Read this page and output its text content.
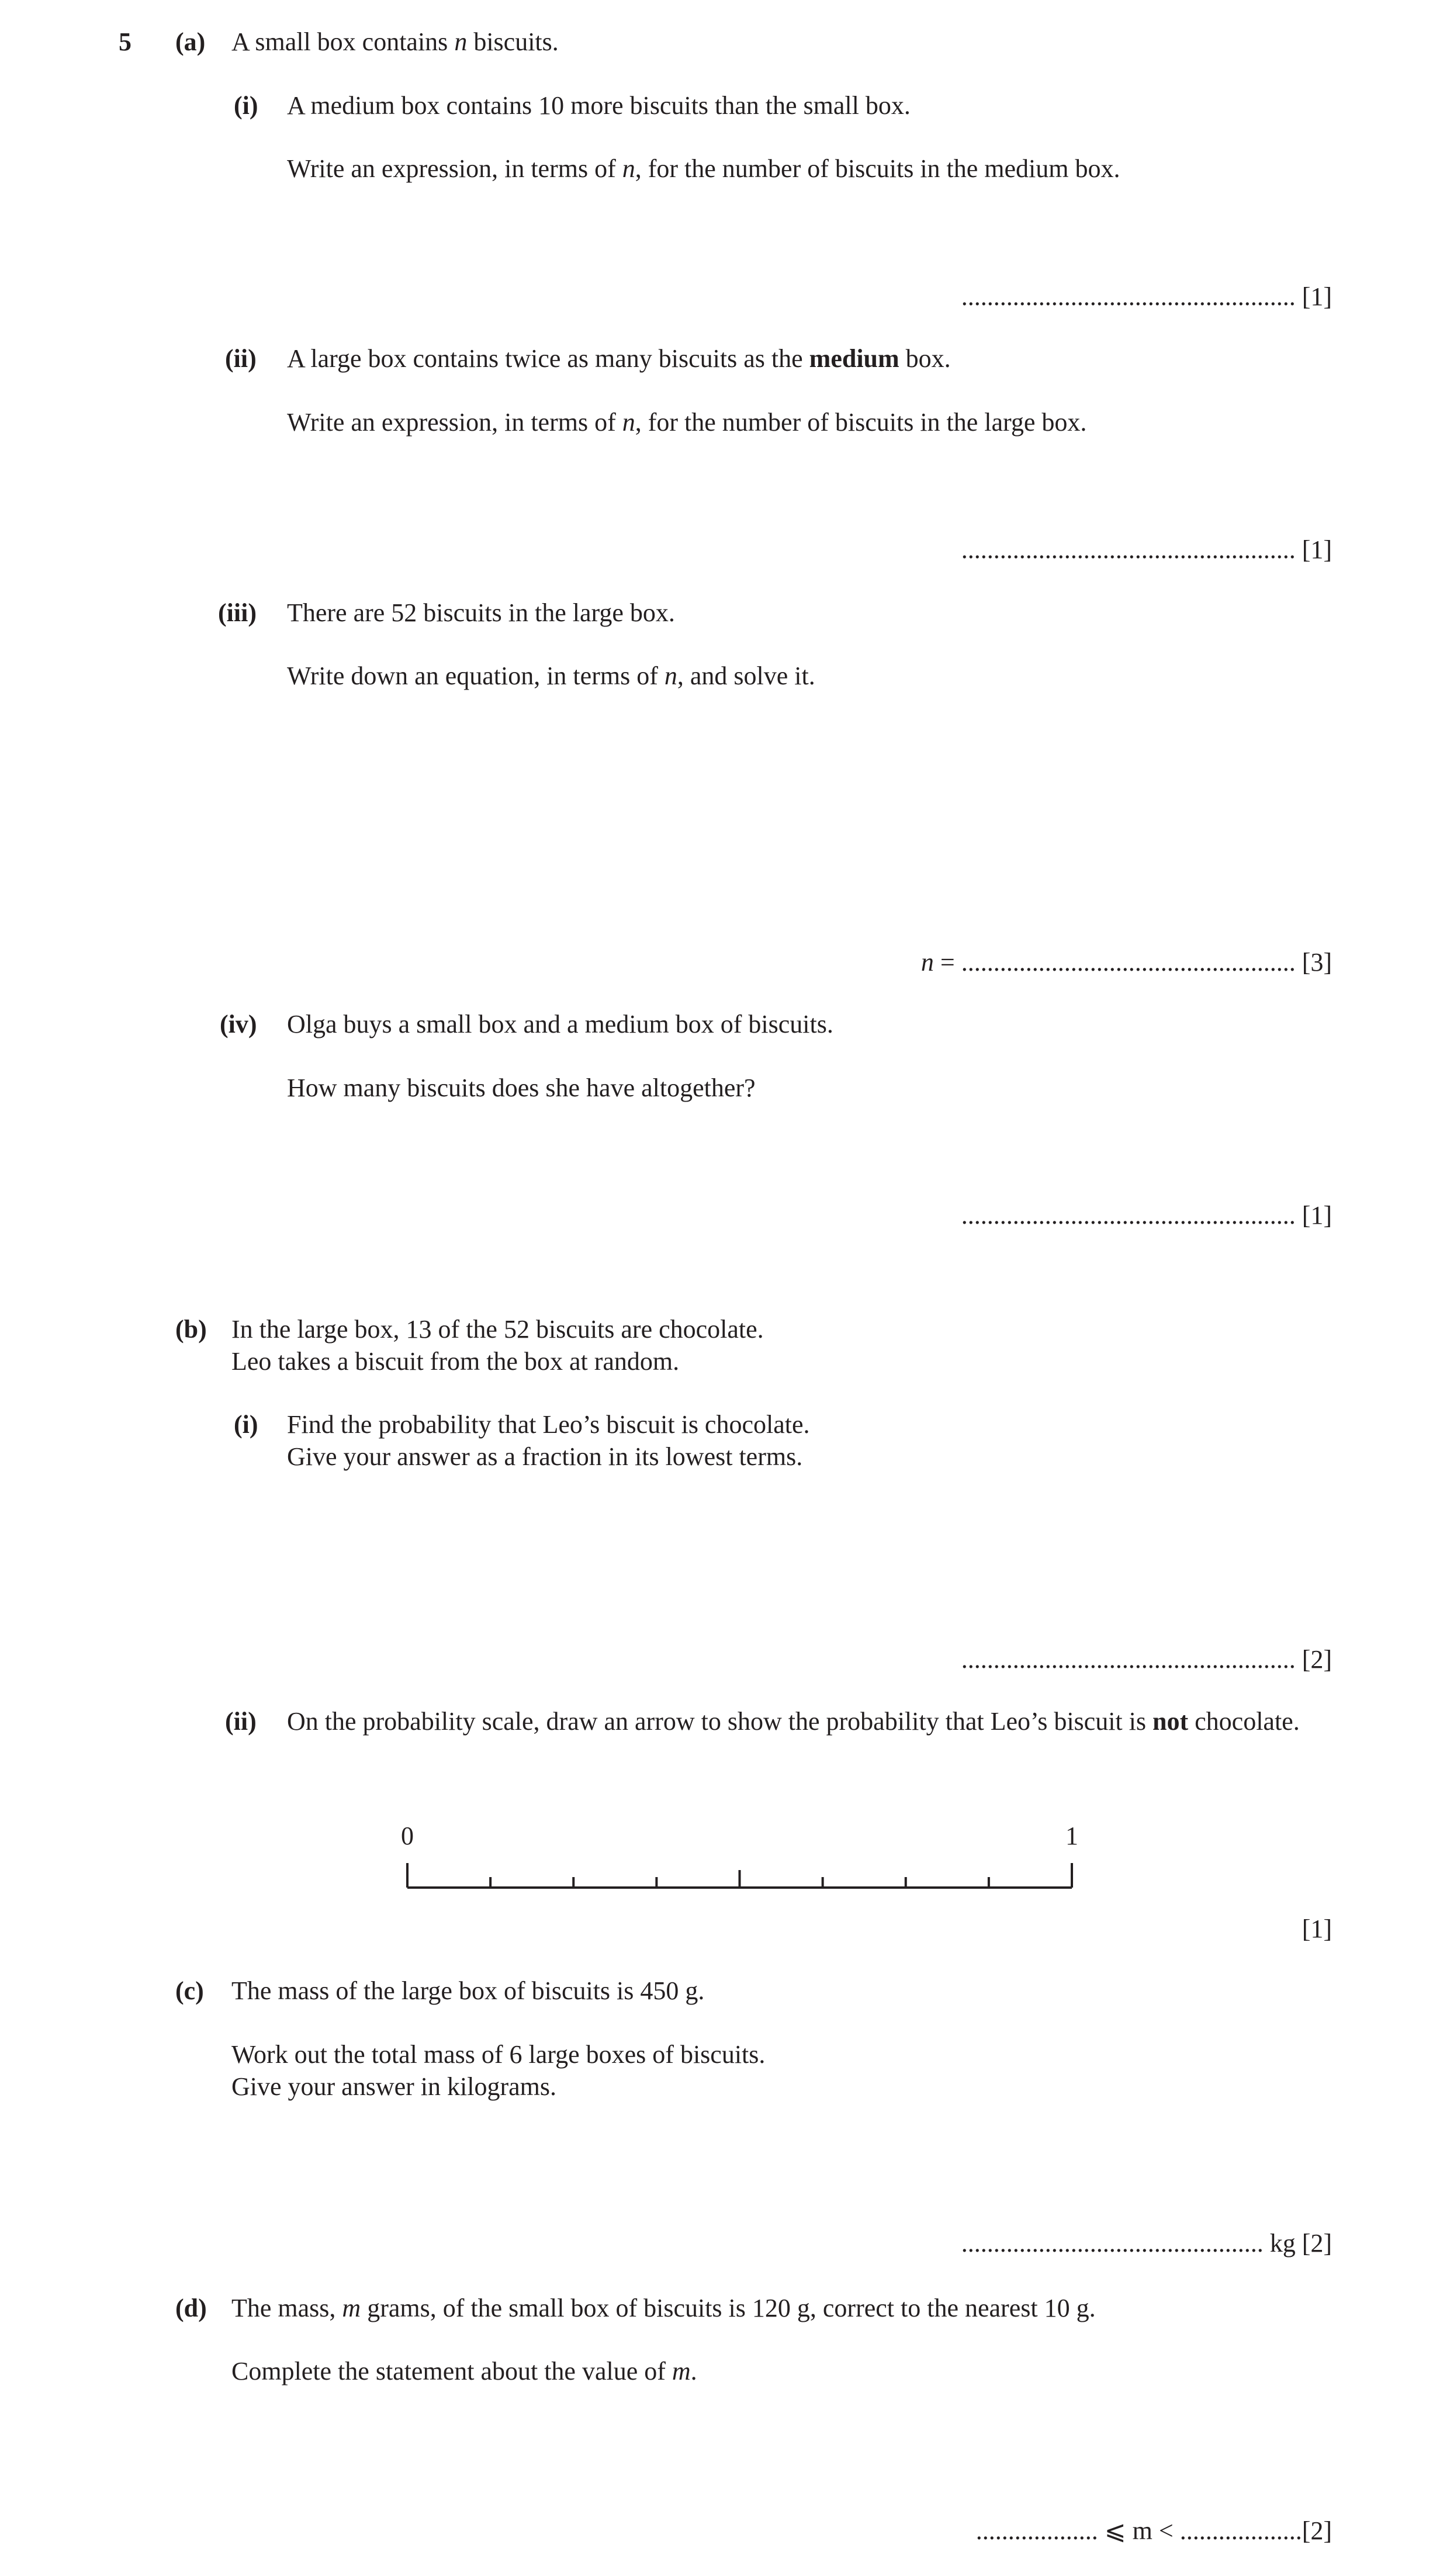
5 (a) A small box contains n biscuits.
(i) A medium box contains 10 more biscuits than the small box.
Write an expression, in terms of n, for the number of biscuits in the medium box.
.................................................... [1]
(ii) A large box contains twice as many biscuits as the medium box.
Write an expression, in terms of n, for the number of biscuits in the large box.
.................................................... [1]
(iii) There are 52 biscuits in the large box.
Write down an equation, in terms of n, and solve it.
n = .................................................... [3]
(iv) Olga buys a small box and a medium box of biscuits.
How many biscuits does she have altogether?
.................................................... [1]
(b) In the large box, 13 of the 52 biscuits are chocolate.
Leo takes a biscuit from the box at random.
(i) Find the probability that Leo’s biscuit is chocolate.
Give your answer as a fraction in its lowest terms.
.................................................... [2]
(ii) On the probability scale, draw an arrow to show the probability that Leo’s biscuit is not chocolate.
0	1
[1]
(c) The mass of the large box of biscuits is 450 g.
Work out the total mass of 6 large boxes of biscuits.
Give your answer in kilograms.
............................................... kg [2]
(d) The mass, m grams, of the small box of biscuits is 120 g, correct to the nearest 10 g.
Complete the statement about the value of m.
................... ⩽ m < ...................[2]
